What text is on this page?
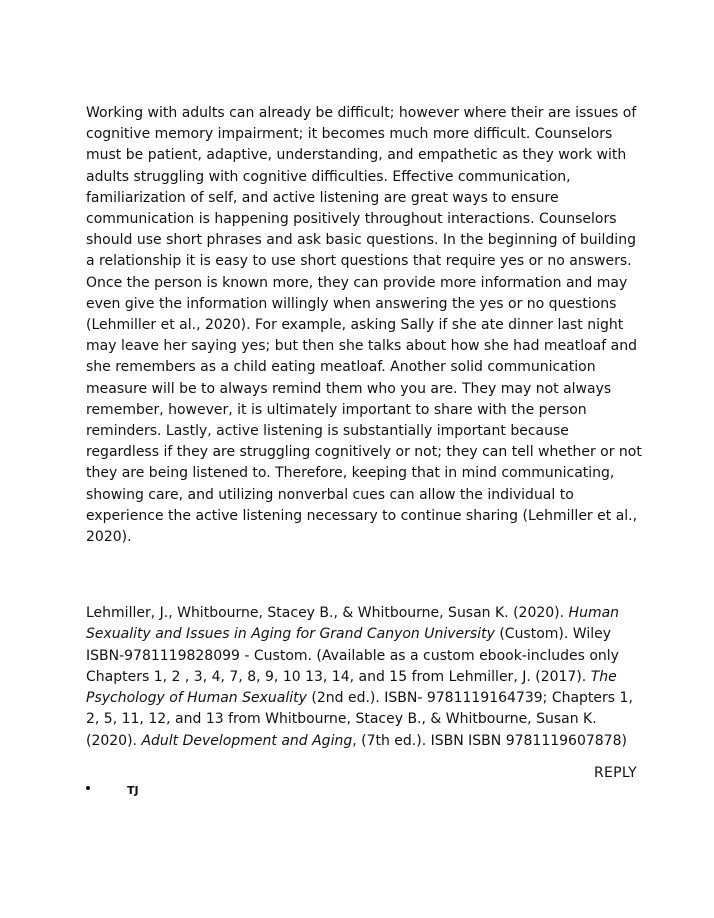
Working with adults can already be difficult; however where their are issues of cognitive memory impairment; it becomes much more difficult. Counselors must be patient, adaptive, understanding, and empathetic as they work with adults struggling with cognitive difficulties. Effective communication, familiarization of self, and active listening are great ways to ensure communication is happening positively throughout interactions. Counselors should use short phrases and ask basic questions. In the beginning of building a relationship it is easy to use short questions that require yes or no answers. Once the person is known more, they can provide more information and may even give the information willingly when answering the yes or no questions (Lehmiller et al., 2020). For example, asking Sally if she ate dinner last night may leave her saying yes; but then she talks about how she had meatloaf and she remembers as a child eating meatloaf. Another solid communication measure will be to always remind them who you are. They may not always remember, however, it is ultimately important to share with the person reminders. Lastly, active listening is substantially important because regardless if they are struggling cognitively or not; they can tell whether or not they are being listened to. Therefore, keeping that in mind communicating, showing care, and utilizing nonverbal cues can allow the individual to experience the active listening necessary to continue sharing (Lehmiller et al., 2020).

Lehmiller, J., Whitbourne, Stacey B., & Whitbourne, Susan K. (2020). Human Sexuality and Issues in Aging for Grand Canyon University (Custom). Wiley ISBN-9781119828099 - Custom. (Available as a custom ebook-includes only Chapters 1, 2 , 3, 4, 7, 8, 9, 10 13, 14, and 15 from Lehmiller, J. (2017). The Psychology of Human Sexuality (2nd ed.). ISBN- 9781119164739; Chapters 1, 2, 5, 11, 12, and 13 from Whitbourne, Stacey B., & Whitbourne, Susan K. (2020). Adult Development and Aging, (7th ed.). ISBN ISBN 9781119607878)

REPLY
TJ
